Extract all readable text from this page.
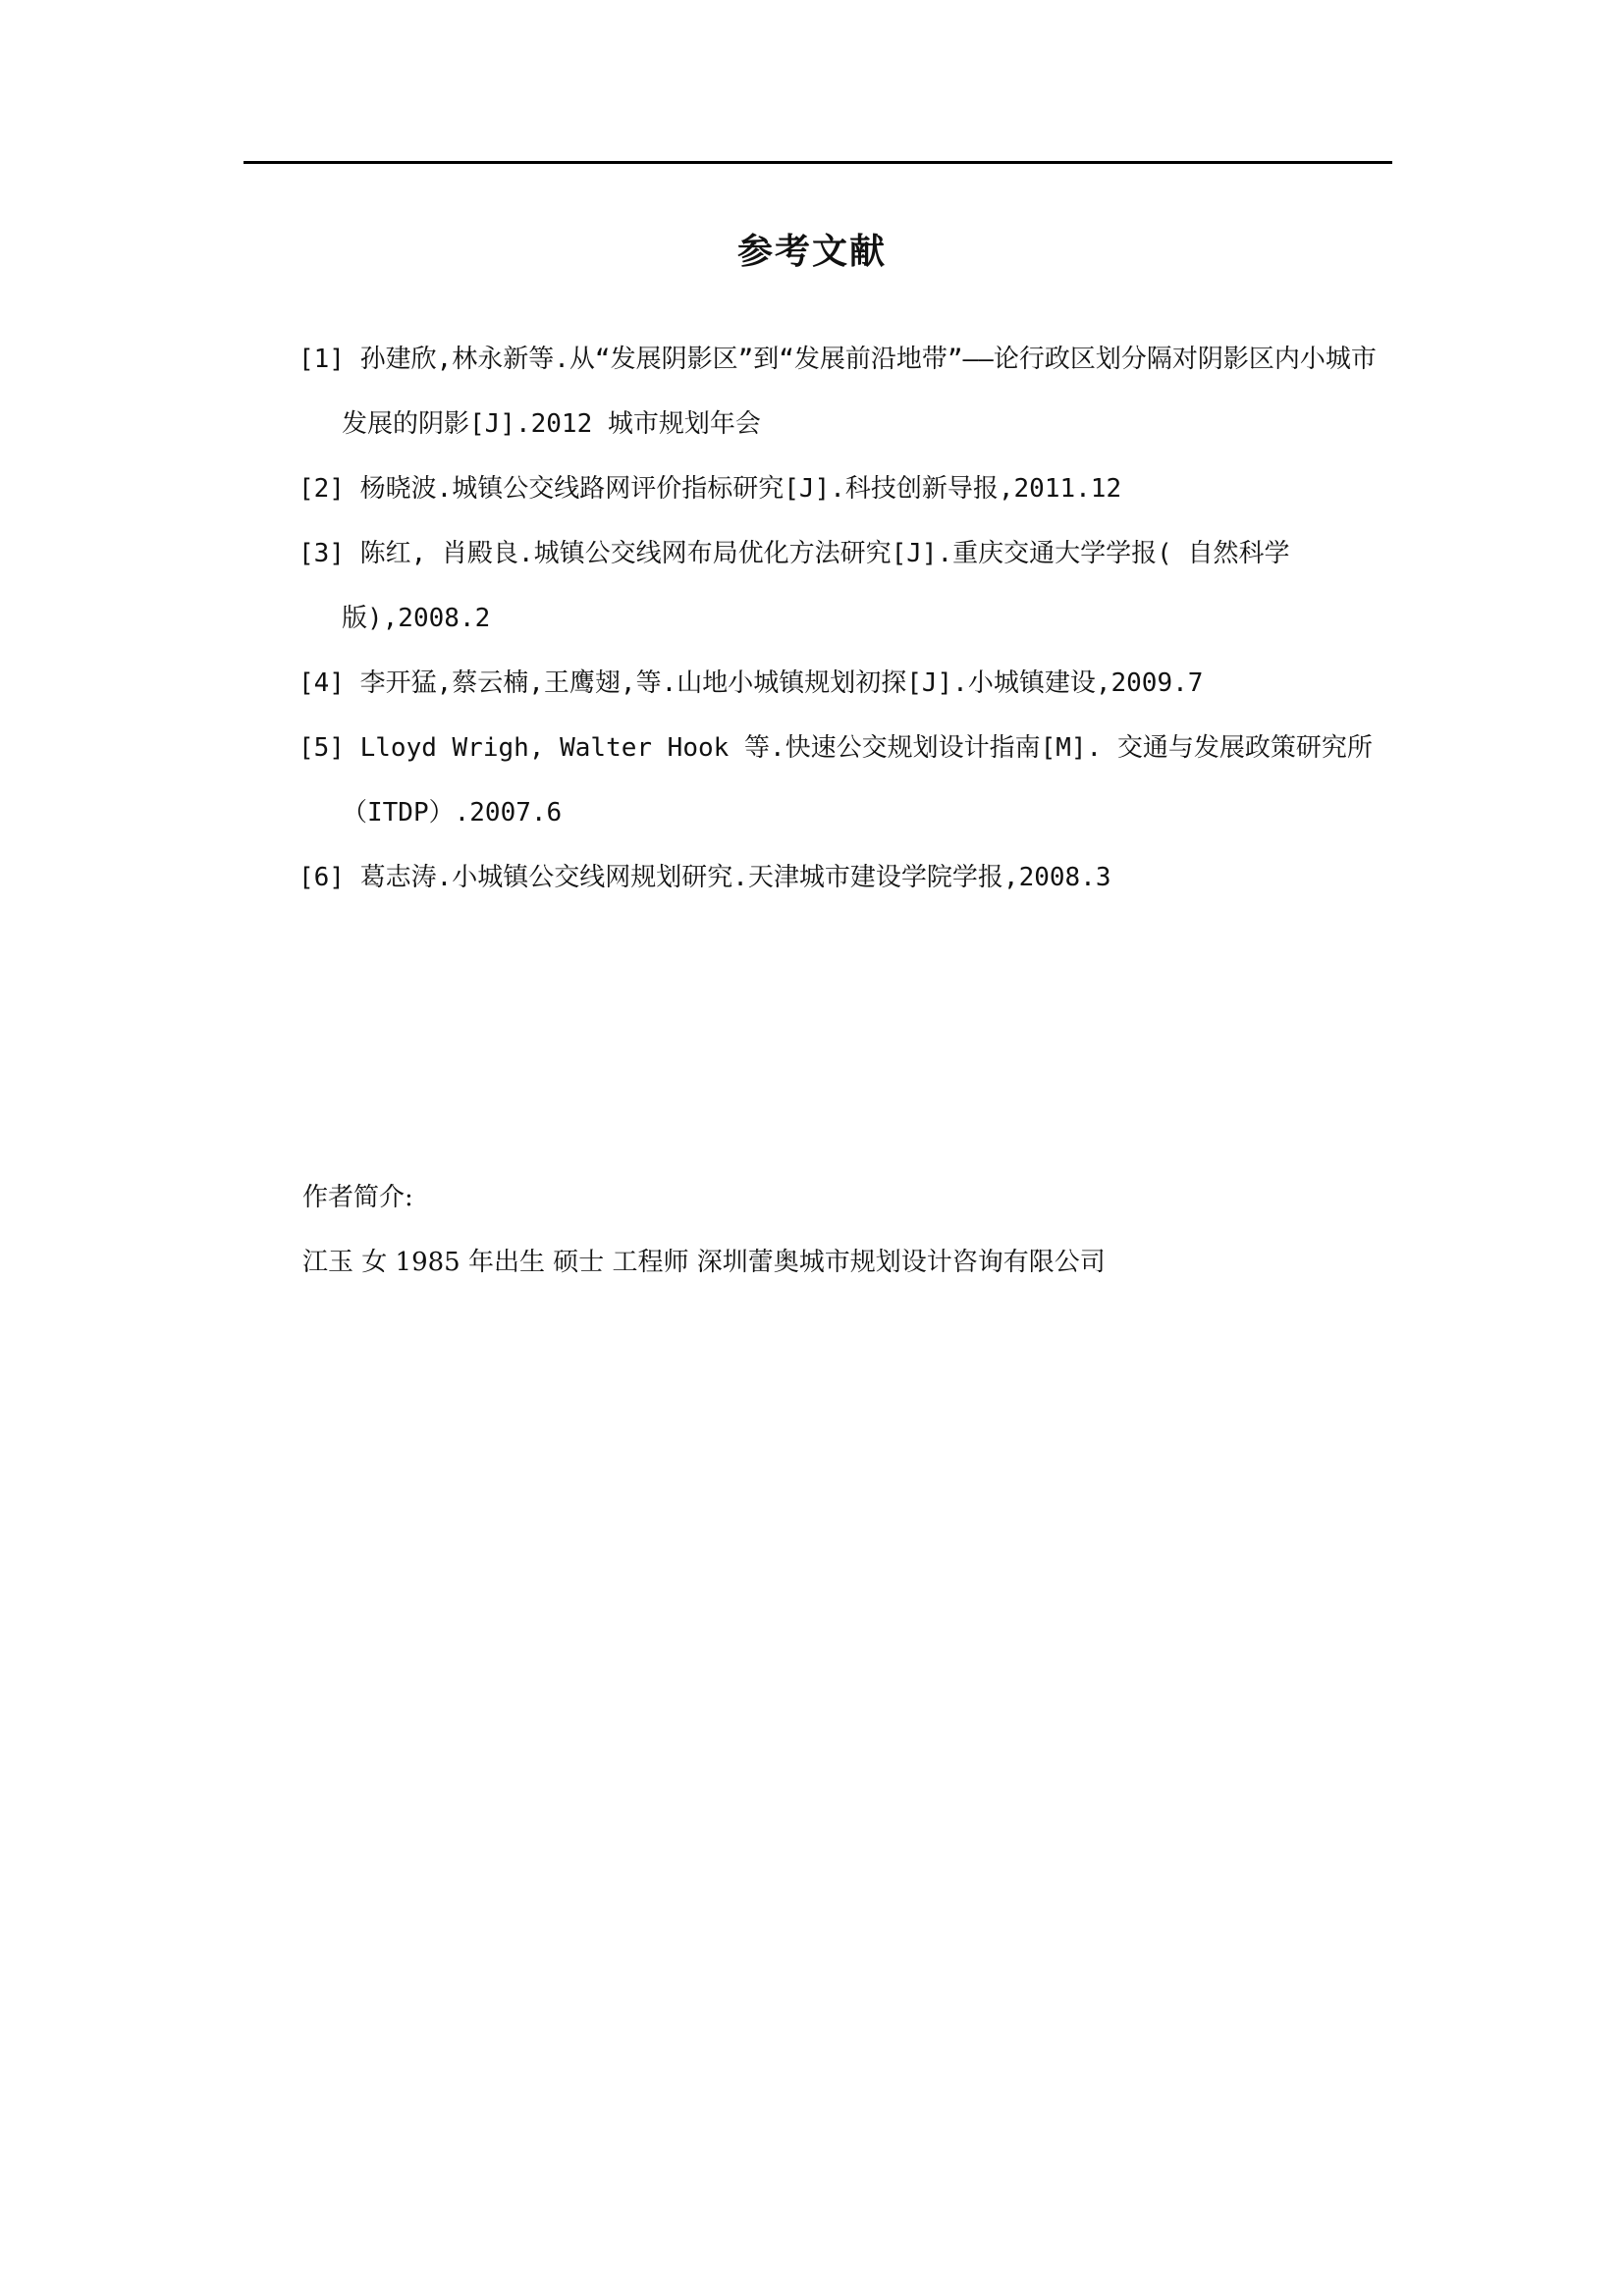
参考文献
[1] 孙建欣,林永新等.从“发展阴影区”到“发展前沿地带”——论行政区划分隔对阴影区内小城市发展的阴影[J].2012 城市规划年会
[2] 杨晓波.城镇公交线路网评价指标研究[J].科技创新导报,2011.12
[3] 陈红, 肖殿良.城镇公交线网布局优化方法研究[J].重庆交通大学学报( 自然科学版),2008.2
[4] 李开猛,蔡云楠,王鹰翅,等.山地小城镇规划初探[J].小城镇建设,2009.7
[5] Lloyd Wrigh, Walter Hook 等.快速公交规划设计指南[M]. 交通与发展政策研究所（ITDP）.2007.6
[6] 葛志涛.小城镇公交线网规划研究.天津城市建设学院学报,2008.3
作者简介:
江玉 女 1985 年出生 硕士 工程师 深圳蕾奥城市规划设计咨询有限公司
